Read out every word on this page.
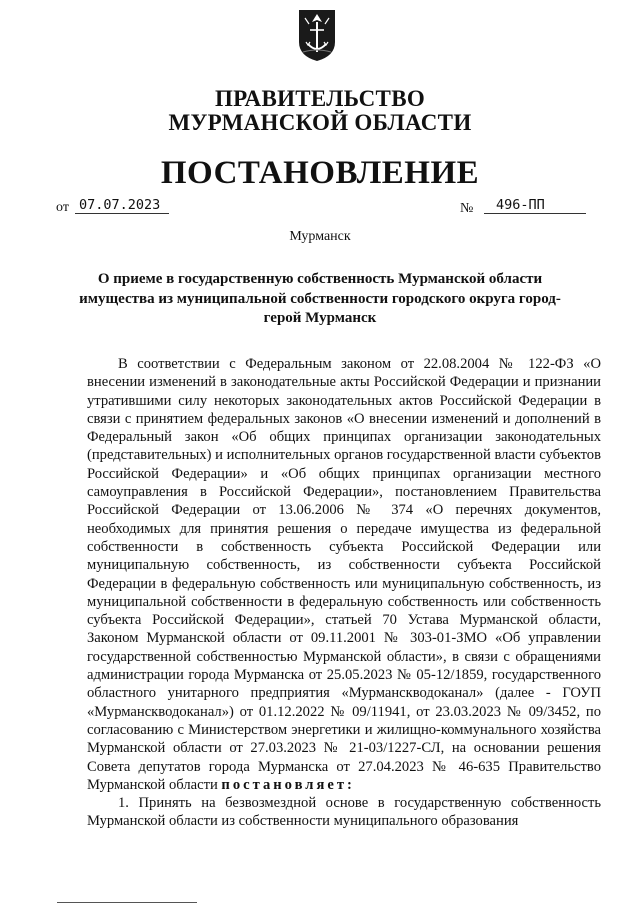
ПРАВИТЕЛЬСТВО
МУРМАНСКОЙ ОБЛАСТИ
ПОСТАНОВЛЕНИЕ
от 07.07.2023	№	496-ПП
Мурманск
О приеме в государственную собственность Мурманской области имущества из муниципальной собственности городского округа город-герой Мурманск

В соответствии с Федеральным законом от 22.08.2004 № 122-ФЗ «О внесении изменений в законодательные акты Российской Федерации и признании утратившими силу некоторых законодательных актов Российской Федерации в связи с принятием федеральных законов «О внесении изменений и дополнений в Федеральный закон «Об общих принципах организации законодательных (представительных) и исполнительных органов государственной власти субъектов Российской Федерации» и «Об общих принципах организации местного самоуправления в Российской Федерации», постановлением Правительства Российской Федерации от 13.06.2006 № 374 «О перечнях документов, необходимых для принятия решения о передаче имущества из федеральной собственности в собственность субъекта Российской Федерации или муниципальную собственность, из собственности субъекта Российской Федерации в федеральную собственность или муниципальную собственность, из муниципальной собственности в федеральную собственность или собственность субъекта Российской Федерации», статьей 70 Устава Мурманской области, Законом Мурманской области от 09.11.2001 № 303-01-ЗМО «Об управлении государственной собственностью Мурманской области», в связи с обращениями администрации города Мурманска от 25.05.2023 № 05-12/1859, государственного областного унитарного предприятия «Мурманскводоканал» (далее - ГОУП «Мурманскводоканал») от 01.12.2022 № 09/11941, от 23.03.2023 № 09/3452, по согласованию с Министерством энергетики и жилищно-коммунального хозяйства Мурманской области от 27.03.2023 № 21-03/1227-СЛ, на основании решения Совета депутатов города Мурманска от 27.04.2023 № 46-635 Правительство Мурманской области постановляет:

1. Принять на безвозмездной основе в государственную собственность Мурманской области из собственности муниципального образования
